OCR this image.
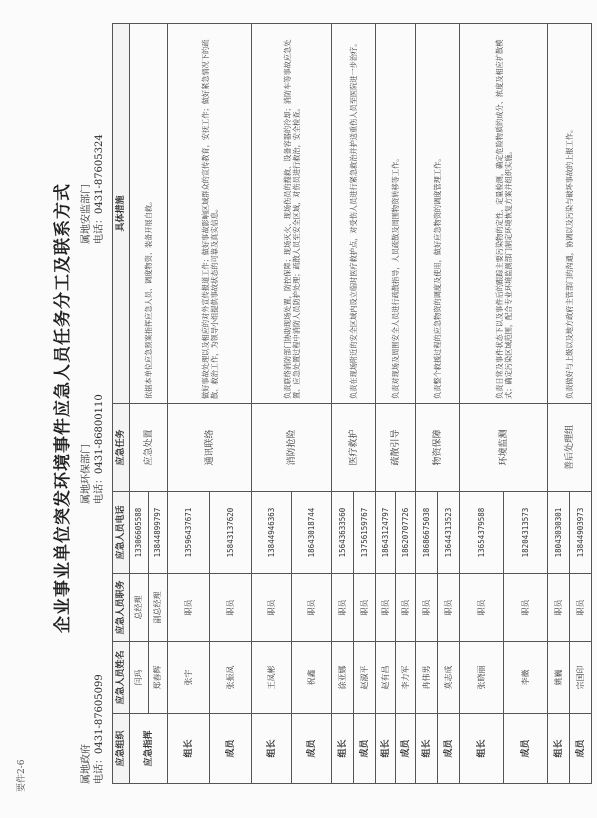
要件2-6
企业事业单位突发环境事件应急人员任务分工及联系方式
属地政府 电话：0431-87605099
属地环保部门 电话：0431-86800110
属地安监部门 电话：0431-87605324
应急组织	应急人员姓名	应急人员职务	应急人员电话	应急任务	具体措施
应急指挥	闫玛	总经理	13306605588	应急处置	依据本单位应急预案指挥应急人员、调度物资、装备开展自救。
	郑春辉	副总经理	13844899797		
组长	张宇	职员	13596437671	通讯联络	做好事故处理以及相应的对外宣传报道工作；做好事故影响区域群众的宣传教育，安抚工作；做好紧急情况下的疏散、救治工作，为领导小组提供事故状态的可靠及真实信息。
成员	张振凤	职员	15843137620		
组长	王凤彬	职员	13844946363	消防抢险	负责联络消防部门协助现场处置，防控保障；现场灭火、现场伤员的搜救、设备容器的冷却；消防车等事故应急处置、应急处置过程中消防人员防护处理；疏散人员至安全区域，对伤员进行救治，安全检查。
成员	祝鑫	职员	18643018744		
组长	徐亚娜	职员	15643633560	医疗救护	负责在现场附近的安全区域内设立临时医疗救护点，对受伤人员进行紧急救治并护送重伤人员至医院进一步治疗。
成员	赵淑平	职员	13756159767		
组长	赵有昌	职员	18643124797	疏散引导	负责对现场及周围安全人员进行疏散指导，人员疏散及周围物资转移等工作。
成员	李力军	职员	18620707726		
组长	冉伟男	职员	18686675038	物资保障	负责整个救援过程的应急物资的调度及使用，做好应急物资的调度管理工作。
成员	莫志成	职员	13644313523		
组长	张晓丽	职员	13654379588	环境监测	负责日常及事件状态下以及事件后的跟踪主要污染物的定性、定量检测，确定危险物质的成分、浓度及相应扩散模式；确定污染区域范围，配合专业环境监测部门制定环境恢复方案并组织实施。
成员	李薇	职员	18204313573		
组长	姚巍	职员	18043030301	善后处理组	负责做好与上级以及地方政府主管部门的沟通，协调以及污染与破坏事故的上报工作。
成员	宗国印	职员	13844903973		
